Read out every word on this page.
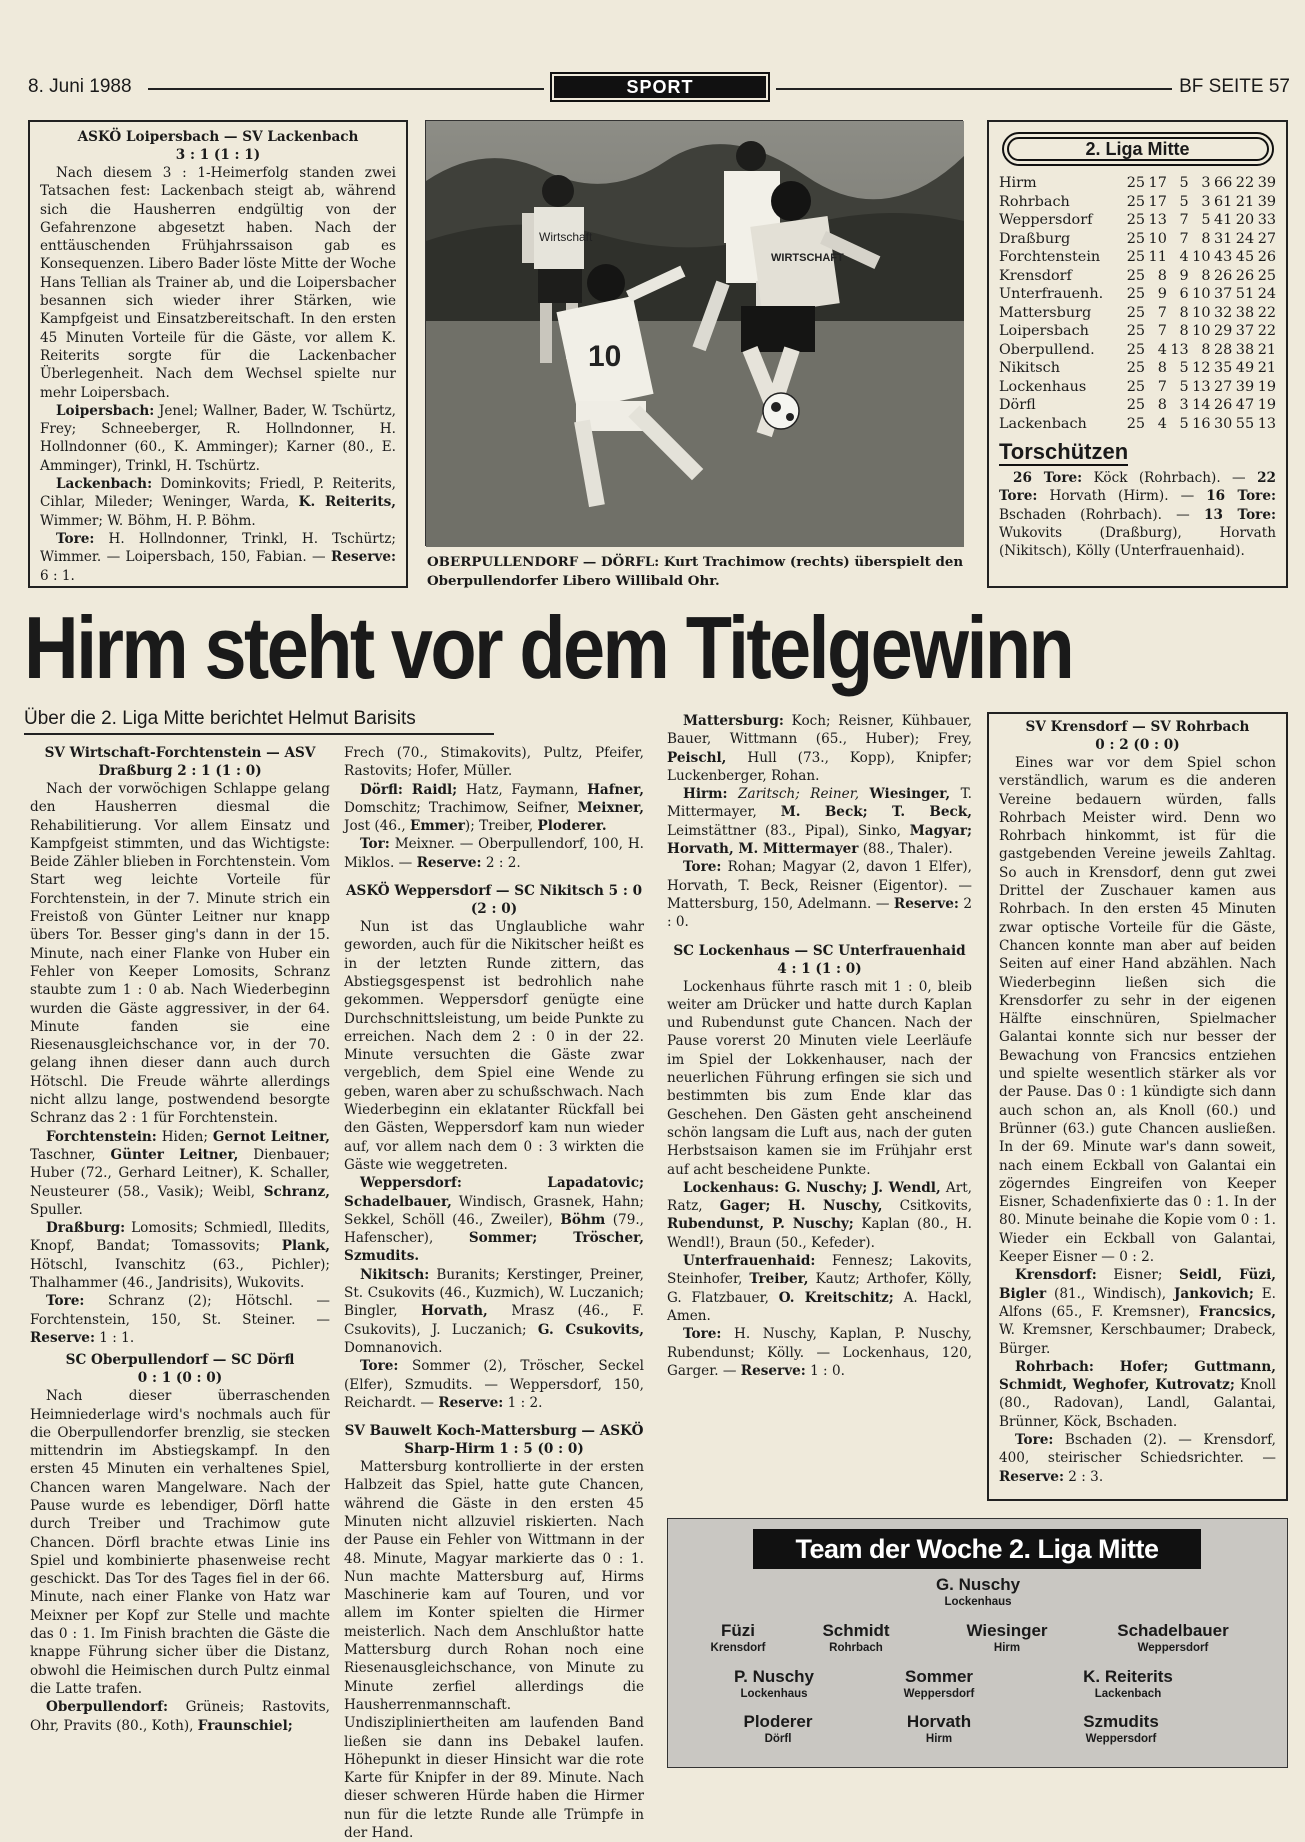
8. Juni 1988	SPORT	BF SEITE 57
ASKÖ Loipersbach — SV Lackenbach
3 : 1 (1 : 1)

Nach diesem 3 : 1-Heimerfolg standen zwei Tatsachen fest: Lackenbach steigt ab, während sich die Hausherren endgültig von der Gefahrenzone abgesetzt haben. Nach der enttäuschenden Frühjahrssaison gab es Konsequenzen. Libero Bader löste Mitte der Woche Hans Tellian als Trainer ab, und die Loipersbacher besannen sich wieder ihrer Stärken, wie Kampfgeist und Einsatzbereitschaft. In den ersten 45 Minuten Vorteile für die Gäste, vor allem K. Reiterits sorgte für die Lackenbacher Überlegenheit. Nach dem Wechsel spielte nur mehr Loipersbach.

Loipersbach: Jenel; Wallner, Bader, W. Tschürtz, Frey; Schneeberger, R. Hollndonner, H. Hollndonner (60., K. Amminger); Karner (80., E. Amminger), Trinkl, H. Tschürtz.

Lackenbach: Dominkovits; Friedl, P. Reiterits, Cihlar, Mileder; Weninger, Warda, K. Reiterits, Wimmer; W. Böhm, H. P. Böhm.

Tore: H. Hollndonner, Trinkl, H. Tschürtz; Wimmer. — Loipersbach, 150, Fabian. — Reserve: 6 : 1.

Wirtschaft
WIRTSCHAFT
10
OBERPULLENDORF — DÖRFL: Kurt Trachimow (rechts) überspielt den Oberpullendorfer Libero Willibald Ohr.
2. Liga Mitte
Hirm	25	17	5	3	66	22	39
Rohrbach	25	17	5	3	61	21	39
Weppersdorf	25	13	7	5	41	20	33
Draßburg	25	10	7	8	31	24	27
Forchtenstein	25	11	4	10	43	45	26
Krensdorf	25	8	9	8	26	26	25
Unterfrauenh.	25	9	6	10	37	51	24
Mattersburg	25	7	8	10	32	38	22
Loipersbach	25	7	8	10	29	37	22
Oberpullend.	25	4	13	8	28	38	21
Nikitsch	25	8	5	12	35	49	21
Lockenhaus	25	7	5	13	27	39	19
Dörfl	25	8	3	14	26	47	19
Lackenbach	25	4	5	16	30	55	13
Torschützen

26 Tore: Köck (Rohrbach). — 22 Tore: Horvath (Hirm). — 16 Tore: Bschaden (Rohrbach). — 13 Tore: Wukovits (Draßburg), Horvath (Nikitsch), Kölly (Unterfrauenhaid).

Hirm steht vor dem Titelgewinn
Über die 2. Liga Mitte berichtet Helmut Barisits
SV Wirtschaft-Forchtenstein — ASV Draßburg 2 : 1 (1 : 0)

Nach der vorwöchigen Schlappe gelang den Hausherren diesmal die Rehabilitierung. Vor allem Einsatz und Kampfgeist stimmten, und das Wichtigste: Beide Zähler blieben in Forchtenstein. Vom Start weg leichte Vorteile für Forchtenstein, in der 7. Minute strich ein Freistoß von Günter Leitner nur knapp übers Tor. Besser ging's dann in der 15. Minute, nach einer Flanke von Huber ein Fehler von Keeper Lomosits, Schranz staubte zum 1 : 0 ab. Nach Wiederbeginn wurden die Gäste aggressiver, in der 64. Minute fanden sie eine Riesenausgleichschance vor, in der 70. gelang ihnen dieser dann auch durch Hötschl. Die Freude währte allerdings nicht allzu lange, postwendend besorgte Schranz das 2 : 1 für Forchtenstein.

Forchtenstein: Hiden; Gernot Leitner, Taschner, Günter Leitner, Dienbauer; Huber (72., Gerhard Leitner), K. Schaller, Neusteurer (58., Vasik); Weibl, Schranz, Spuller.

Draßburg: Lomosits; Schmiedl, Illedits, Knopf, Bandat; Tomassovits; Plank, Hötschl, Ivanschitz (63., Pichler); Thalhammer (46., Jandrisits), Wukovits.

Tore: Schranz (2); Hötschl. — Forchtenstein, 150, St. Steiner. — Reserve: 1 : 1.

SC Oberpullendorf — SC Dörfl
0 : 1 (0 : 0)

Nach dieser überraschenden Heimniederlage wird's nochmals auch für die Oberpullendorfer brenzlig, sie stecken mittendrin im Abstiegskampf. In den ersten 45 Minuten ein verhaltenes Spiel, Chancen waren Mangelware. Nach der Pause wurde es lebendiger, Dörfl hatte durch Treiber und Trachimow gute Chancen. Dörfl brachte etwas Linie ins Spiel und kombinierte phasenweise recht geschickt. Das Tor des Tages fiel in der 66. Minute, nach einer Flanke von Hatz war Meixner per Kopf zur Stelle und machte das 0 : 1. Im Finish brachten die Gäste die knappe Führung sicher über die Distanz, obwohl die Heimischen durch Pultz einmal die Latte trafen.

Oberpullendorf: Grüneis; Rastovits, Ohr, Pravits (80., Koth), Fraunschiel;

Frech (70., Stimakovits), Pultz, Pfeifer, Rastovits; Hofer, Müller.

Dörfl: Raidl; Hatz, Faymann, Hafner, Domschitz; Trachimow, Seifner, Meixner, Jost (46., Emmer); Treiber, Ploderer.

Tor: Meixner. — Oberpullendorf, 100, H. Miklos. — Reserve: 2 : 2.

ASKÖ Weppersdorf — SC Nikitsch 5 : 0
(2 : 0)

Nun ist das Unglaubliche wahr geworden, auch für die Nikitscher heißt es in der letzten Runde zittern, das Abstiegsgespenst ist bedrohlich nahe gekommen. Weppersdorf genügte eine Durchschnittsleistung, um beide Punkte zu erreichen. Nach dem 2 : 0 in der 22. Minute versuchten die Gäste zwar vergeblich, dem Spiel eine Wende zu geben, waren aber zu schußschwach. Nach Wiederbeginn ein eklatanter Rückfall bei den Gästen, Weppersdorf kam nun wieder auf, vor allem nach dem 0 : 3 wirkten die Gäste wie weggetreten.

Weppersdorf: Lapadatovic; Schadelbauer, Windisch, Grasnek, Hahn; Sekkel, Schöll (46., Zweiler), Böhm (79., Hafenscher), Sommer; Tröscher, Szmudits.

Nikitsch: Buranits; Kerstinger, Preiner, St. Csukovits (46., Kuzmich), W. Luczanich; Bingler, Horvath, Mrasz (46., F. Csukovits), J. Luczanich; G. Csukovits, Domnanovich.

Tore: Sommer (2), Tröscher, Seckel (Elfer), Szmudits. — Weppersdorf, 150, Reichardt. — Reserve: 1 : 2.

SV Bauwelt Koch-Mattersburg — ASKÖ Sharp-Hirm 1 : 5 (0 : 0)

Mattersburg kontrollierte in der ersten Halbzeit das Spiel, hatte gute Chancen, während die Gäste in den ersten 45 Minuten nicht allzuviel riskierten. Nach der Pause ein Fehler von Wittmann in der 48. Minute, Magyar markierte das 0 : 1. Nun machte Mattersburg auf, Hirms Maschinerie kam auf Touren, und vor allem im Konter spielten die Hirmer meisterlich. Nach dem Anschlußtor hatte Mattersburg durch Rohan noch eine Riesenausgleichschance, von Minute zu Minute zerfiel allerdings die Hausherrenmannschaft. Undiszipliniertheiten am laufenden Band ließen sie dann ins Debakel laufen. Höhepunkt in dieser Hinsicht war die rote Karte für Knipfer in der 89. Minute. Nach dieser schweren Hürde haben die Hirmer nun für die letzte Runde alle Trümpfe in der Hand.

Mattersburg: Koch; Reisner, Kühbauer, Bauer, Wittmann (65., Huber); Frey, Peischl, Hull (73., Kopp), Knipfer; Luckenberger, Rohan.

Hirm: Zaritsch; Reiner, Wiesinger, T. Mittermayer, M. Beck; T. Beck, Leimstättner (83., Pipal), Sinko, Magyar; Horvath, M. Mittermayer (88., Thaler).

Tore: Rohan; Magyar (2, davon 1 Elfer), Horvath, T. Beck, Reisner (Eigentor). — Mattersburg, 150, Adelmann. — Reserve: 2 : 0.

SC Lockenhaus — SC Unterfrauenhaid
4 : 1 (1 : 0)

Lockenhaus führte rasch mit 1 : 0, bleib weiter am Drücker und hatte durch Kaplan und Rubendunst gute Chancen. Nach der Pause vorerst 20 Minuten viele Leerläufe im Spiel der Lokkenhauser, nach der neuerlichen Führung erfingen sie sich und bestimmten bis zum Ende klar das Geschehen. Den Gästen geht anscheinend schön langsam die Luft aus, nach der guten Herbstsaison kamen sie im Frühjahr erst auf acht bescheidene Punkte.

Lockenhaus: G. Nuschy; J. Wendl, Art, Ratz, Gager; H. Nuschy, Csitkovits, Rubendunst, P. Nuschy; Kaplan (80., H. Wendl!), Braun (50., Kefeder).

Unterfrauenhaid: Fennesz; Lakovits, Steinhofer, Treiber, Kautz; Arthofer, Kölly, G. Flatzbauer, O. Kreitschitz; A. Hackl, Amen.

Tore: H. Nuschy, Kaplan, P. Nuschy, Rubendunst; Kölly. — Lockenhaus, 120, Garger. — Reserve: 1 : 0.

SV Krensdorf — SV Rohrbach
0 : 2 (0 : 0)

Eines war vor dem Spiel schon verständlich, warum es die anderen Vereine bedauern würden, falls Rohrbach Meister wird. Denn wo Rohrbach hinkommt, ist für die gastgebenden Vereine jeweils Zahltag. So auch in Krensdorf, denn gut zwei Drittel der Zuschauer kamen aus Rohrbach. In den ersten 45 Minuten zwar optische Vorteile für die Gäste, Chancen konnte man aber auf beiden Seiten auf einer Hand abzählen. Nach Wiederbeginn ließen sich die Krensdorfer zu sehr in der eigenen Hälfte einschnüren, Spielmacher Galantai konnte sich nur besser der Bewachung von Francsics entziehen und spielte wesentlich stärker als vor der Pause. Das 0 : 1 kündigte sich dann auch schon an, als Knoll (60.) und Brünner (63.) gute Chancen ausließen. In der 69. Minute war's dann soweit, nach einem Eckball von Galantai ein zögerndes Eingreifen von Keeper Eisner, Schadenfixierte das 0 : 1. In der 80. Minute beinahe die Kopie vom 0 : 1. Wieder ein Eckball von Galantai, Keeper Eisner — 0 : 2.

Krensdorf: Eisner; Seidl, Füzi, Bigler (81., Windisch), Jankovich; E. Alfons (65., F. Kremsner), Francsics, W. Kremsner, Kerschbaumer; Drabeck, Bürger.

Rohrbach: Hofer; Guttmann, Schmidt, Weghofer, Kutrovatz; Knoll (80., Radovan), Landl, Galantai, Brünner, Köck, Bschaden.

Tore: Bschaden (2). — Krensdorf, 400, steirischer Schiedsrichter. — Reserve: 2 : 3.

Team der Woche 2. Liga Mitte
G. Nuschy
Lockenhaus
Füzi
Krensdorf
Schmidt
Rohrbach
Wiesinger
Hirm
Schadelbauer
Weppersdorf
P. Nuschy
Lockenhaus
Sommer
Weppersdorf
K. Reiterits
Lackenbach
Ploderer
Dörfl
Horvath
Hirm
Szmudits
Weppersdorf
